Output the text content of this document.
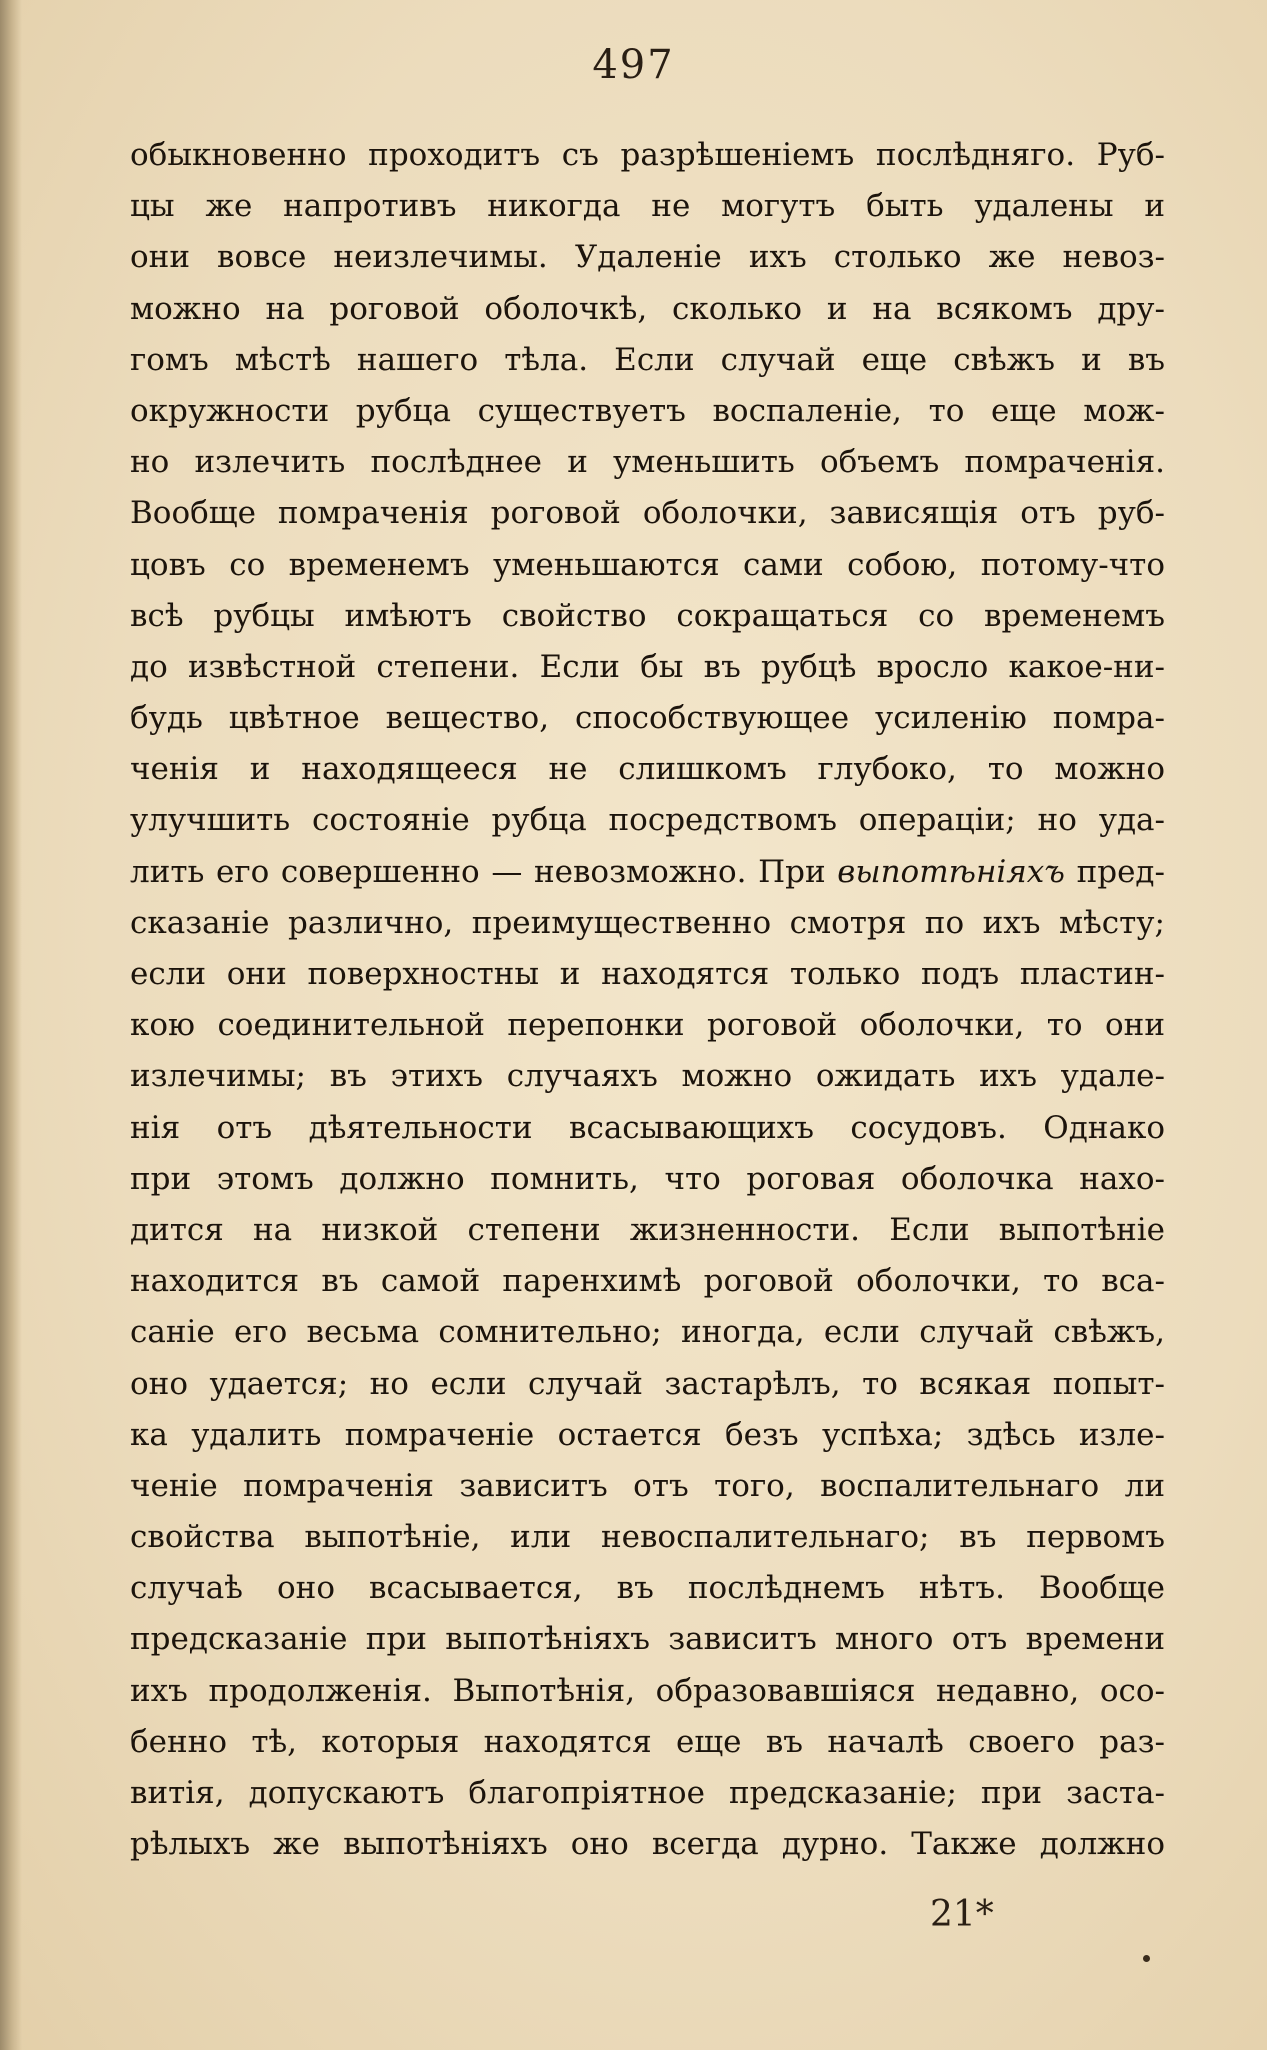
497
обыкновенно проходитъ съ разрѣшеніемъ послѣдняго. Руб-
цы же напротивъ никогда не могутъ быть удалены и
они вовсе неизлечимы. Удаленіе ихъ столько же невоз-
можно на роговой оболочкѣ, сколько и на всякомъ дру-
гомъ мѣстѣ нашего тѣла. Если случай еще свѣжъ и въ
окружности рубца существуетъ воспаленіе, то еще мож-
но излечить послѣднее и уменьшить объемъ помраченія.
Вообще помраченія роговой оболочки, зависящія отъ руб-
цовъ со временемъ уменьшаются сами собою, потому-что
всѣ рубцы имѣютъ свойство сокращаться со временемъ
до извѣстной степени. Если бы въ рубцѣ вросло какое-ни-
будь цвѣтное вещество, способствующее усиленію помра-
ченія и находящееся не слишкомъ глубоко, то можно
улучшить состояніе рубца посредствомъ операціи; но уда-
лить его совершенно — невозможно. При выпотѣніяхъ пред-
сказаніе различно, преимущественно смотря по ихъ мѣсту;
если они поверхностны и находятся только подъ пластин-
кою соединительной перепонки роговой оболочки, то они
излечимы; въ этихъ случаяхъ можно ожидать ихъ удале-
нія отъ дѣятельности всасывающихъ сосудовъ. Однако
при этомъ должно помнить, что роговая оболочка нахо-
дится на низкой степени жизненности. Если выпотѣніе
находится въ самой паренхимѣ роговой оболочки, то вса-
саніе его весьма сомнительно; иногда, если случай свѣжъ,
оно удается; но если случай застарѣлъ, то всякая попыт-
ка удалить помраченіе остается безъ успѣха; здѣсь изле-
ченіе помраченія зависитъ отъ того, воспалительнаго ли
свойства выпотѣніе, или невоспалительнаго; въ первомъ
случаѣ оно всасывается, въ послѣднемъ нѣтъ. Вообще
предсказаніе при выпотѣніяхъ зависитъ много отъ времени
ихъ продолженія. Выпотѣнія, образовавшіяся недавно, осо-
бенно тѣ, которыя находятся еще въ началѣ своего раз-
витія, допускаютъ благопріятное предсказаніе; при заста-
рѣлыхъ же выпотѣніяхъ оно всегда дурно. Также должно
21*
